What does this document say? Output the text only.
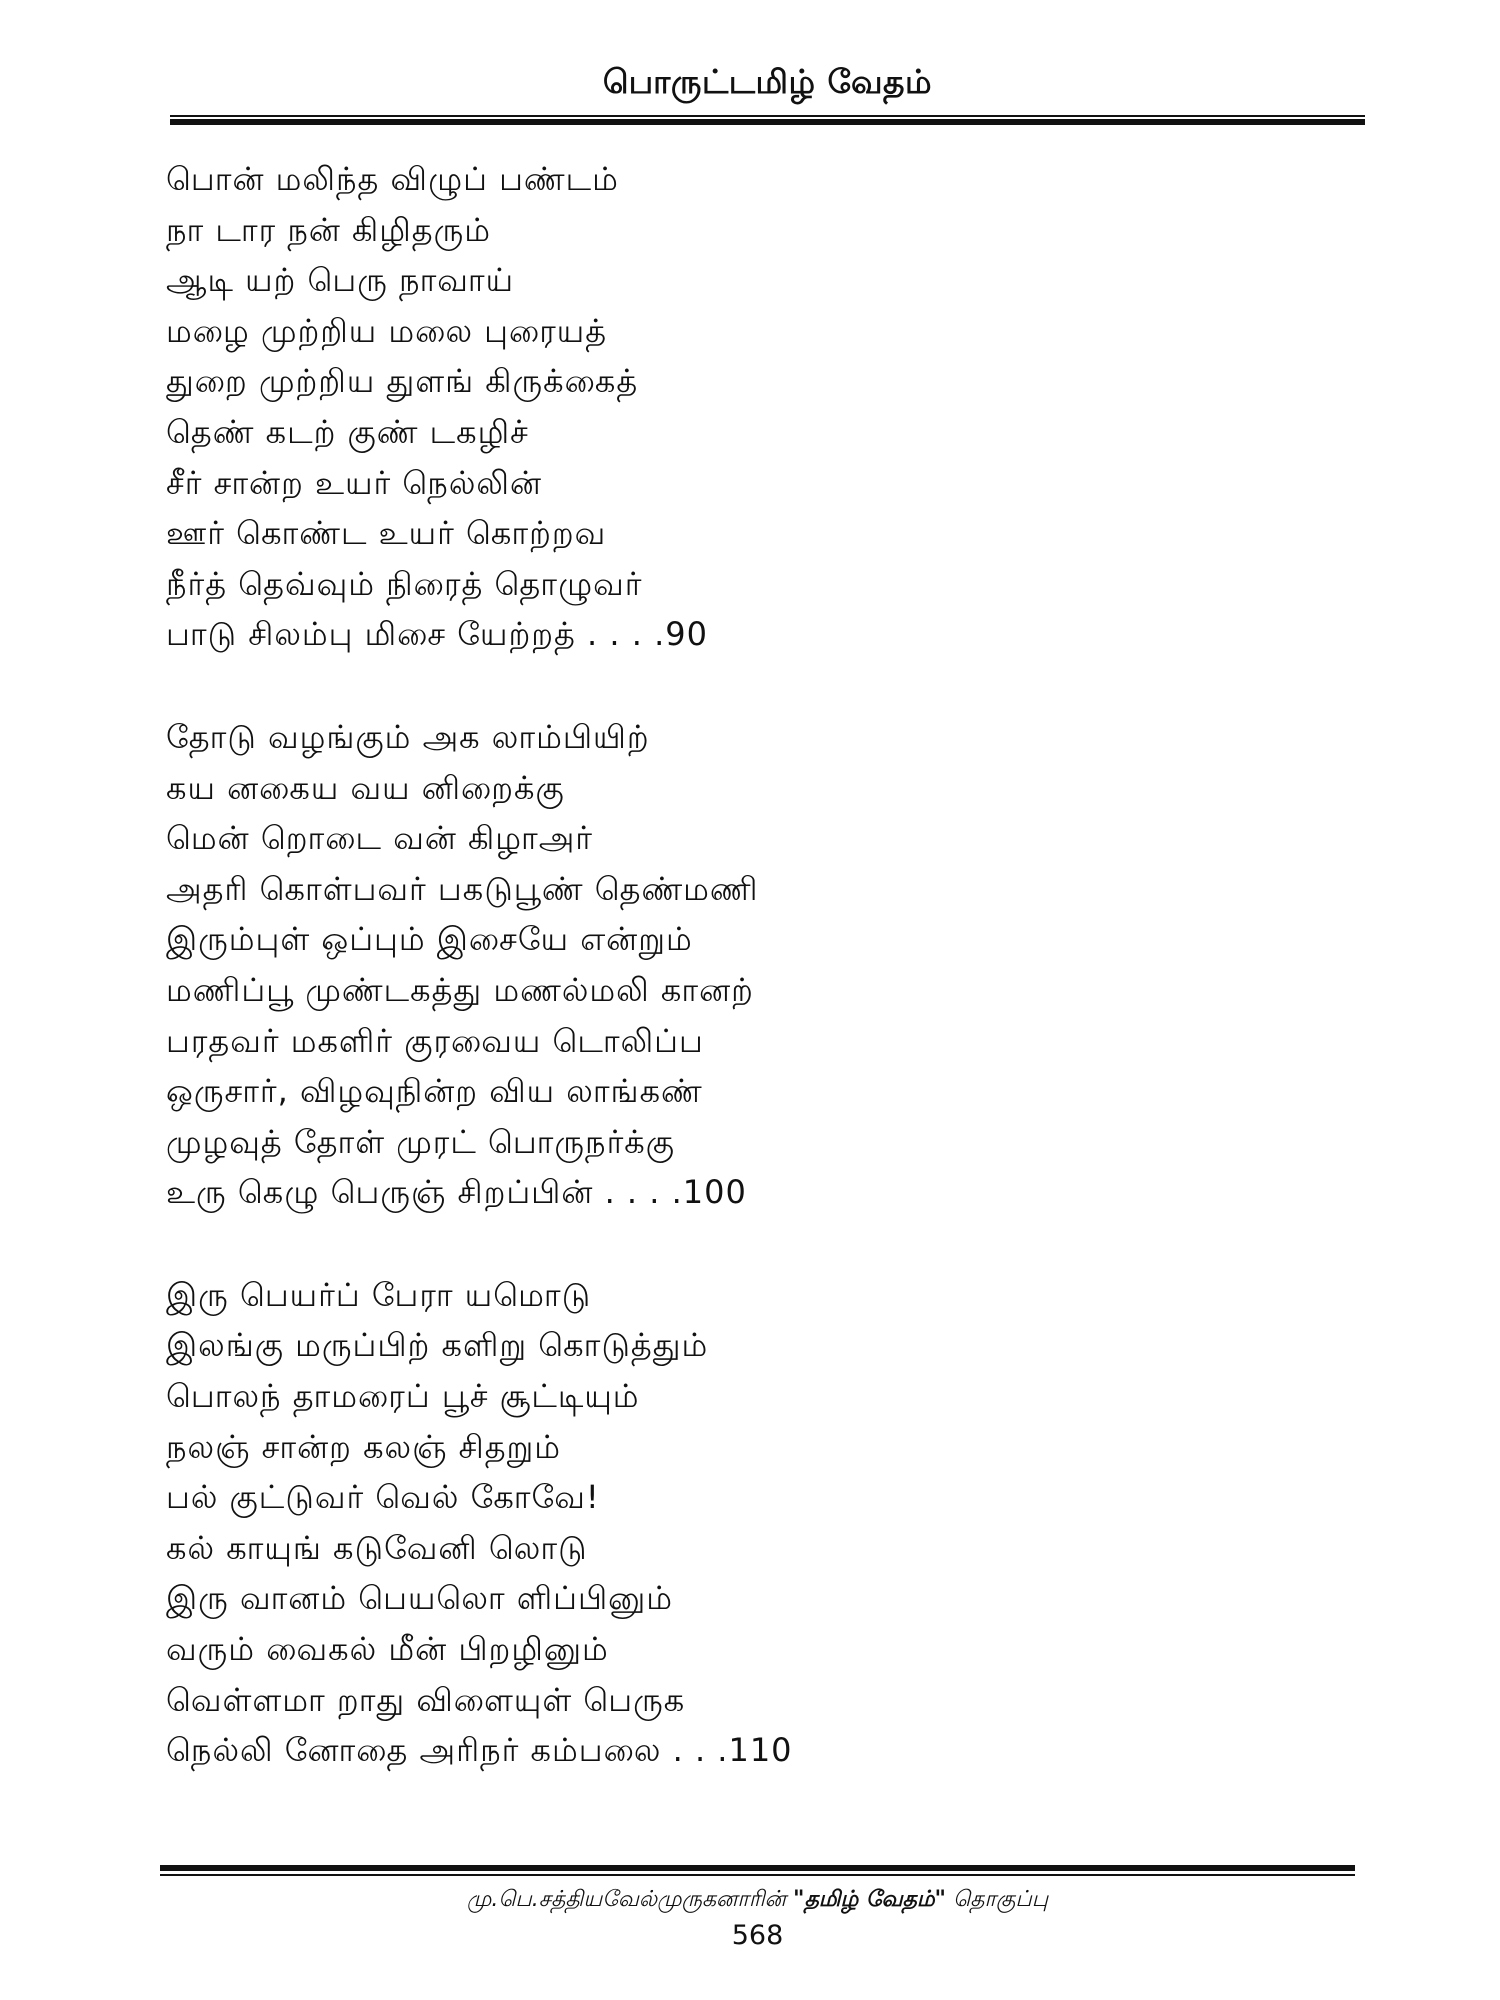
பொருட்டமிழ் வேதம்
பொன் மலிந்த விழுப் பண்டம்
நா டார நன் கிழிதரும்
ஆடி யற் பெரு நாவாய்
மழை முற்றிய மலை புரையத்
துறை முற்றிய துளங் கிருக்கைத்
தெண் கடற் குண் டகழிச்
சீர் சான்ற உயர் நெல்லின்
ஊர் கொண்ட உயர் கொற்றவ
நீர்த் தெவ்வும் நிரைத் தொழுவர்
பாடு சிலம்பு மிசை யேற்றத் . . . .90
தோடு வழங்கும் அக லாம்பியிற்
கய னகைய வய னிறைக்கு
மென் றொடை வன் கிழாஅர்
அதரி கொள்பவர் பகடுபூண் தெண்மணி
இரும்புள் ஒப்பும் இசையே என்றும்
மணிப்பூ முண்டகத்து மணல்மலி கானற்
பரதவர் மகளிர் குரவைய டொலிப்ப
ஒருசார், விழவுநின்ற விய லாங்கண்
முழவுத் தோள் முரட் பொருநர்க்கு
உரு கெழு பெருஞ் சிறப்பின் . . . .100
இரு பெயர்ப் பேரா யமொடு
இலங்கு மருப்பிற் களிறு கொடுத்தும்
பொலந் தாமரைப் பூச் சூட்டியும்
நலஞ் சான்ற கலஞ் சிதறும்
பல் குட்டுவர் வெல் கோவே!
கல் காயுங் கடுவேனி லொடு
இரு வானம் பெயலொ ளிப்பினும்
வரும் வைகல் மீன் பிறழினும்
வெள்ளமா றாது விளையுள் பெருக
நெல்லி னோதை அரிநர் கம்பலை . . .110
மு.பெ.சத்தியவேல்முருகனாரின் "தமிழ் வேதம்" தொகுப்பு
568
